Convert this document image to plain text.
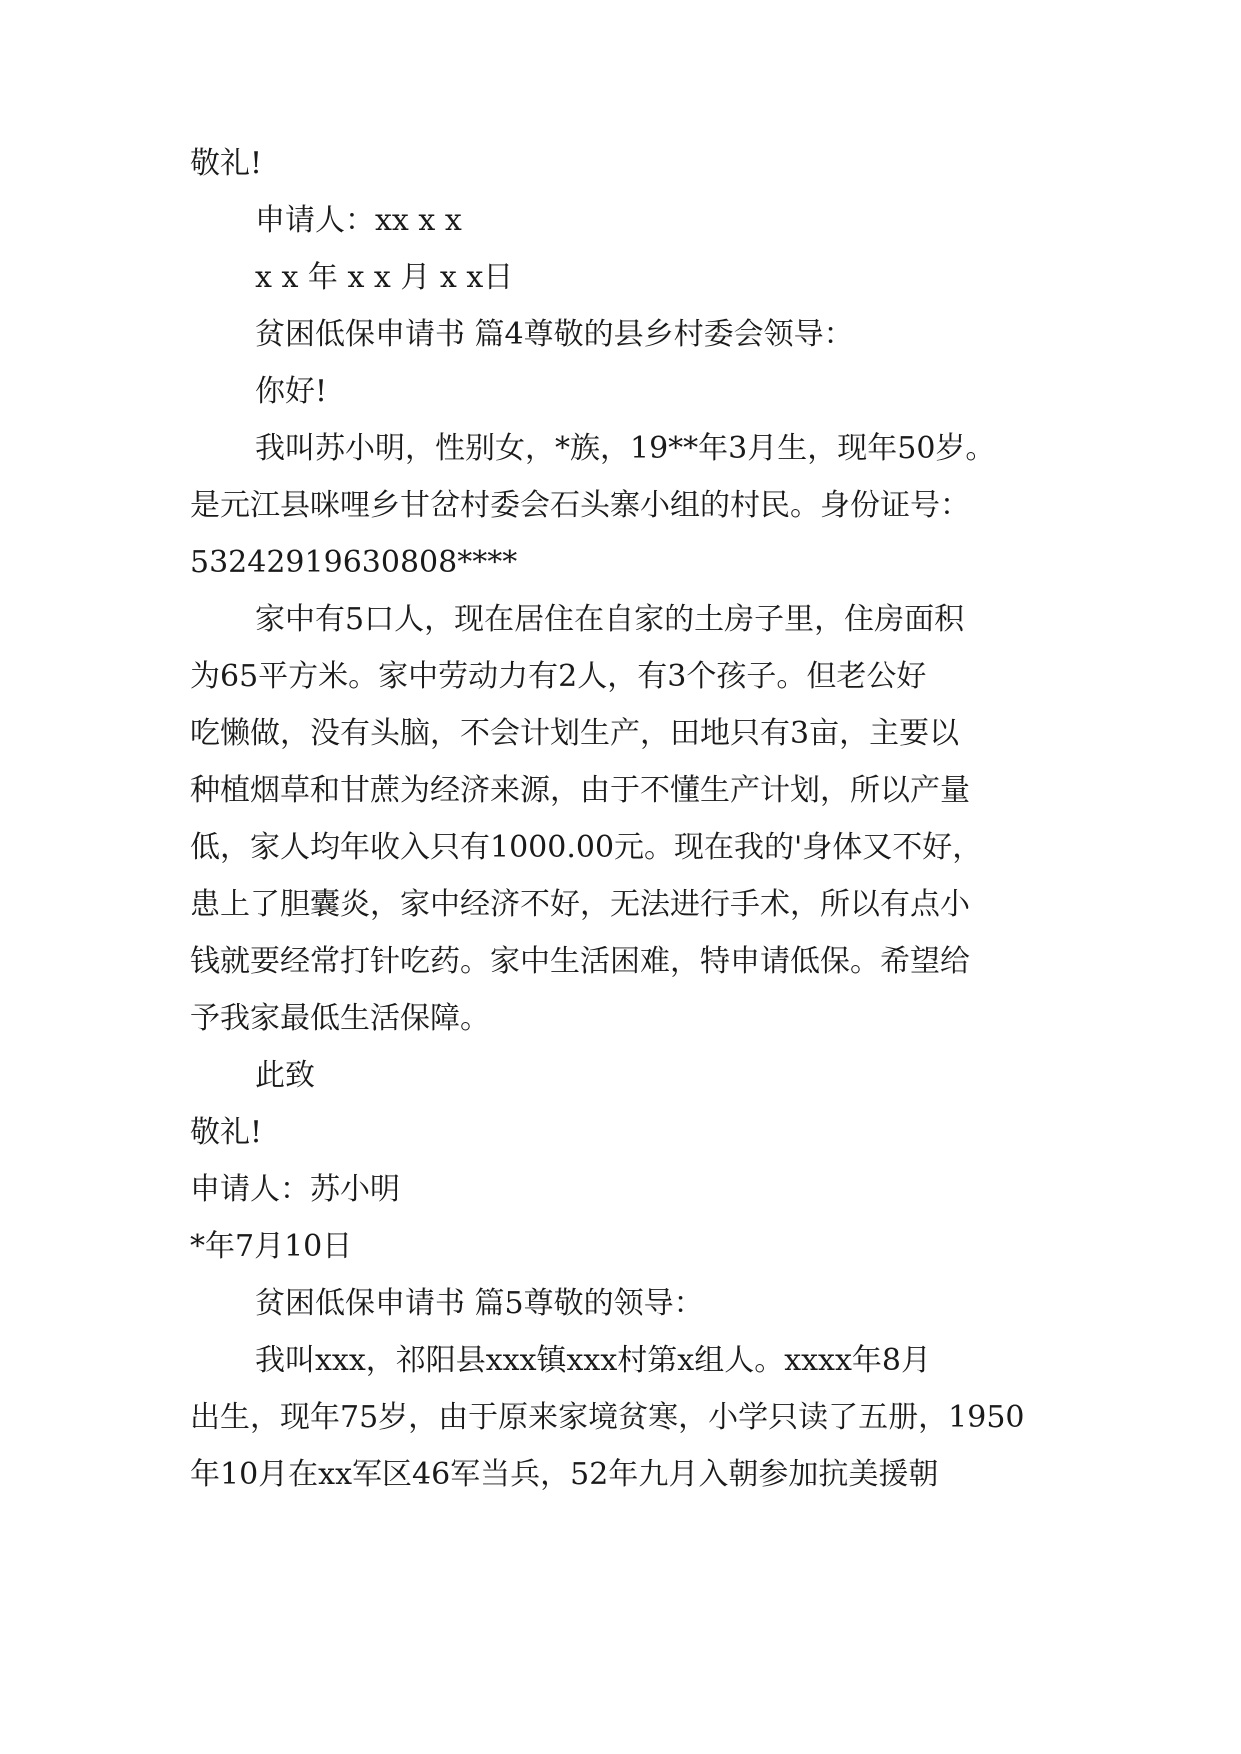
敬礼!
申请人：xx x x
x x 年 x x 月 x x日
贫困低保申请书 篇4尊敬的县乡村委会领导：
你好!
我叫苏小明，性别女，*族，19**年3月生，现年50岁。
是元江县咪哩乡甘岔村委会石头寨小组的村民。身份证号：
53242919630808****
家中有5口人，现在居住在自家的土房子里，住房面积
为65平方米。家中劳动力有2人，有3个孩子。但老公好
吃懒做，没有头脑，不会计划生产，田地只有3亩，主要以
种植烟草和甘蔗为经济来源，由于不懂生产计划，所以产量
低，家人均年收入只有1000.00元。现在我的'身体又不好，
患上了胆囊炎，家中经济不好，无法进行手术，所以有点小
钱就要经常打针吃药。家中生活困难，特申请低保。希望给
予我家最低生活保障。
此致
敬礼!
申请人：苏小明
*年7月10日
贫困低保申请书 篇5尊敬的领导：
我叫xxx，祁阳县xxx镇xxx村第x组人。xxxx年8月
出生，现年75岁，由于原来家境贫寒，小学只读了五册，1950
年10月在xx军区46军当兵，52年九月入朝参加抗美援朝
